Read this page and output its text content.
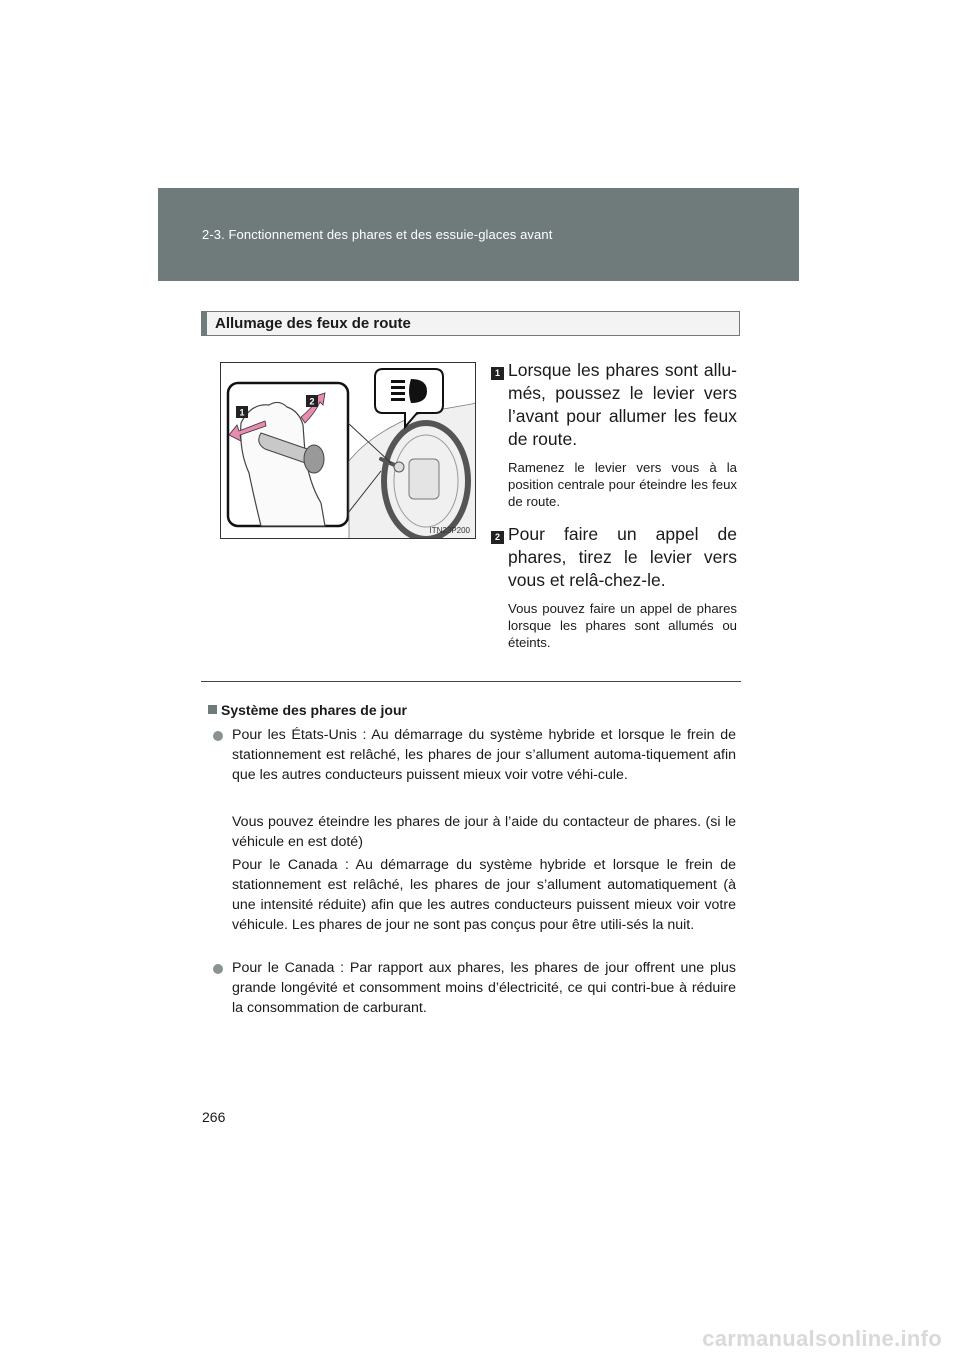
2-3. Fonctionnement des phares et des essuie-glaces avant
Allumage des feux de route
1
2
ITN23P200
1 Lorsque les phares sont allu-més, poussez le levier vers l’avant pour allumer les feux de route.
Ramenez le levier vers vous à la position centrale pour éteindre les feux de route.
2 Pour faire un appel de phares, tirez le levier vers vous et relâ-chez-le.
Vous pouvez faire un appel de phares lorsque les phares sont allumés ou éteints.
Système des phares de jour
Pour les États-Unis : Au démarrage du système hybride et lorsque le frein de stationnement est relâché, les phares de jour s’allument automa-tiquement afin que les autres conducteurs puissent mieux voir votre véhi-cule.
Vous pouvez éteindre les phares de jour à l’aide du contacteur de phares. (si le véhicule en est doté)
Pour le Canada : Au démarrage du système hybride et lorsque le frein de stationnement est relâché, les phares de jour s’allument automatiquement (à une intensité réduite) afin que les autres conducteurs puissent mieux voir votre véhicule. Les phares de jour ne sont pas conçus pour être utili-sés la nuit.
Pour le Canada : Par rapport aux phares, les phares de jour offrent une plus grande longévité et consomment moins d’électricité, ce qui contri-bue à réduire la consommation de carburant.
266
carmanualsonline.info
